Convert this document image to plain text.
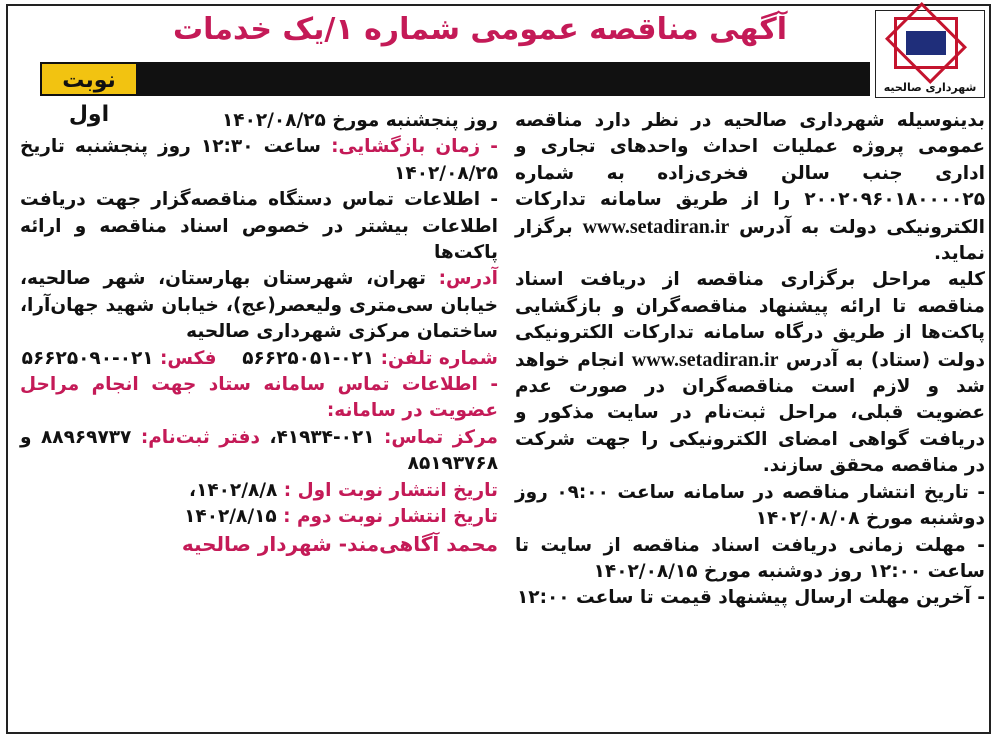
شهرداری صالحیه
آگهی مناقصه عمومی شماره ۱/یک خدمات
نوبت اول	بدینوسیله شهرداری صالحیه در نظر دارد مناقصه عمومی پروژه عملیات احداث واحدهای تجاری و اداری جنب سالن فخری‌زاده به شماره ۲۰۰۲۰۹۶۰۱۸۰۰۰۰۲۵ را از طریق سامانه تدارکات الکترونیکی دولت به آدرس www.setadiran.ir برگزار نماید.

کلیه مراحل برگزاری مناقصه از دریافت اسناد مناقصه تا ارائه پیشنهاد مناقصه‌گران و بازگشایی پاکت‌ها از طریق درگاه سامانه تدارکات الکترونیکی دولت (ستاد) به آدرس www.setadiran.ir انجام خواهد شد و لازم است مناقصه‌گران در صورت عدم عضویت قبلی، مراحل ثبت‌نام در سایت مذکور و دریافت گواهی امضای الکترونیکی را جهت شرکت در مناقصه محقق سازند.

- تاریخ انتشار مناقصه در سامانه ساعت ۰۹:۰۰ روز دوشنبه مورخ ۱۴۰۲/۰۸/۰۸

- مهلت زمانی دریافت اسناد مناقصه از سایت تا ساعت ۱۲:۰۰ روز دوشنبه مورخ ۱۴۰۲/۰۸/۱۵

- آخرین مهلت ارسال پیشنهاد قیمت تا ساعت ۱۲:۰۰

روز پنجشنبه مورخ ۱۴۰۲/۰۸/۲۵

- زمان بازگشایی: ساعت ۱۲:۳۰ روز پنجشنبه تاریخ ۱۴۰۲/۰۸/۲۵

- اطلاعات تماس دستگاه مناقصه‌گزار جهت دریافت اطلاعات بیشتر در خصوص اسناد مناقصه و ارائه پاکت‌ها

آدرس: تهران، شهرستان بهارستان، شهر صالحیه، خیابان سی‌متری ولیعصر(عج)، خیابان شهید جهان‌آرا، ساختمان مرکزی شهرداری صالحیه

شماره تلفن: ۰۲۱-۵۶۶۲۵۰۵۱    فکس: ۰۲۱-۵۶۶۲۵۰۹۰

- اطلاعات تماس سامانه ستاد جهت انجام مراحل عضویت در سامانه:

مرکز تماس: ۰۲۱-۴۱۹۳۴، دفتر ثبت‌نام: ۸۸۹۶۹۷۳۷ و ۸۵۱۹۳۷۶۸

تاریخ انتشار نوبت اول : ۱۴۰۲/۸/۸،

تاریخ انتشار نوبت دوم : ۱۴۰۲/۸/۱۵

محمد آگاهی‌مند- شهردار صالحیه
